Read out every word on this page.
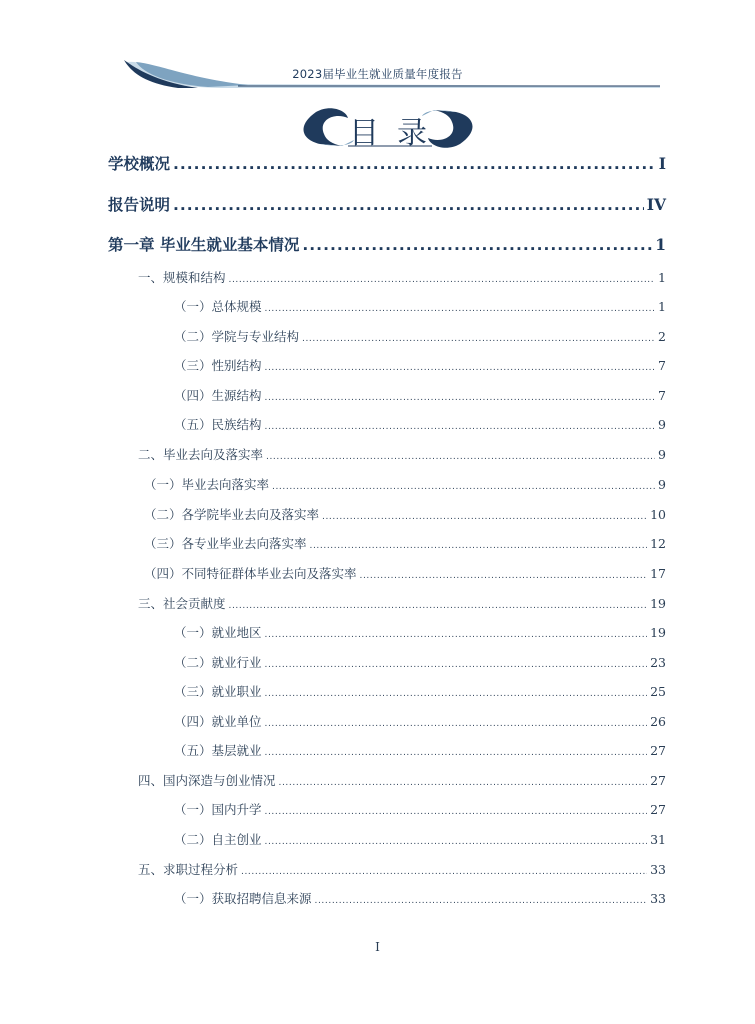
2023届毕业生就业质量年度报告
目录
学校概况 .....	I
报告说明 .....	IV
第一章 毕业生就业基本情况 .....	1
一、规模和结构 .....	1
（一）总体规模 .....	1
（二）学院与专业结构 .....	2
（三）性别结构 .....	7
（四）生源结构 .....	7
（五）民族结构 .....	9
二、毕业去向及落实率 .....	9
（一）毕业去向落实率 .....	9
（二）各学院毕业去向及落实率 .....	10
（三）各专业毕业去向落实率 .....	12
（四）不同特征群体毕业去向及落实率 .....	17
三、社会贡献度 .....	19
（一）就业地区 .....	19
（二）就业行业 .....	23
（三）就业职业 .....	25
（四）就业单位 .....	26
（五）基层就业 .....	27
四、国内深造与创业情况 .....	27
（一）国内升学 .....	27
（二）自主创业 .....	31
五、求职过程分析 .....	33
（一）获取招聘信息来源 .....	33
I
